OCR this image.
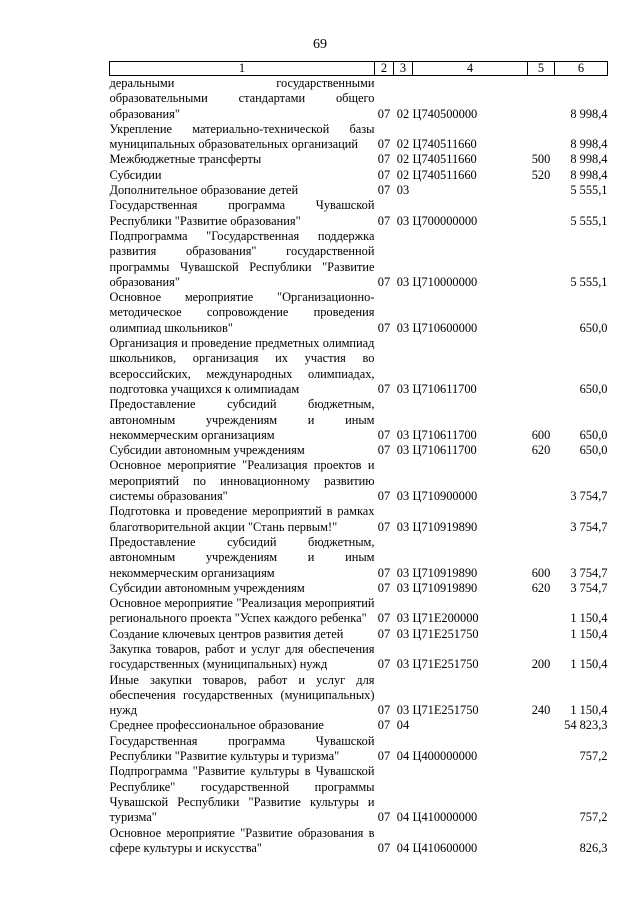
69
1	2	3	4	5	6
деральными государственными образовательными стандартами общего образования"	07	02	Ц740500000		8 998,4
Укрепление материально-технической базы муниципальных образовательных организаций	07	02	Ц740511660		8 998,4
Межбюджетные трансферты	07	02	Ц740511660	500	8 998,4
Субсидии	07	02	Ц740511660	520	8 998,4
Дополнительное образование детей	07	03			5 555,1
Государственная программа Чувашской Республики "Развитие образования"	07	03	Ц700000000		5 555,1
Подпрограмма "Государственная поддержка развития образования" государственной программы Чувашской Республики "Развитие образования"	07	03	Ц710000000		5 555,1
Основное мероприятие "Организационно-методическое сопровождение проведения олимпиад школьников"	07	03	Ц710600000		650,0
Организация и проведение предметных олимпиад школьников, организация их участия во всероссийских, международных олимпиадах, подготовка учащихся к олимпиадам	07	03	Ц710611700		650,0
Предоставление субсидий бюджетным, автономным учреждениям и иным некоммерческим организациям	07	03	Ц710611700	600	650,0
Субсидии автономным учреждениям	07	03	Ц710611700	620	650,0
Основное мероприятие "Реализация проектов и мероприятий по инновационному развитию системы образования"	07	03	Ц710900000		3 754,7
Подготовка и проведение мероприятий в рамках благотворительной акции "Стань первым!"	07	03	Ц710919890		3 754,7
Предоставление субсидий бюджетным, автономным учреждениям и иным некоммерческим организациям	07	03	Ц710919890	600	3 754,7
Субсидии автономным учреждениям	07	03	Ц710919890	620	3 754,7
Основное мероприятие "Реализация мероприятий регионального проекта "Успех каждого ребенка"	07	03	Ц71Е200000		1 150,4
Создание ключевых центров развития детей	07	03	Ц71Е251750		1 150,4
Закупка товаров, работ и услуг для обеспечения государственных (муниципальных) нужд	07	03	Ц71Е251750	200	1 150,4
Иные закупки товаров, работ и услуг для обеспечения государственных (муниципальных) нужд	07	03	Ц71Е251750	240	1 150,4
Среднее профессиональное образование	07	04			54 823,3
Государственная программа Чувашской Республики "Развитие культуры и туризма"	07	04	Ц400000000		757,2
Подпрограмма "Развитие культуры в Чувашской Республике" государственной программы Чувашской Республики "Развитие культуры и туризма"	07	04	Ц410000000		757,2
Основное мероприятие "Развитие образования в сфере культуры и искусства"	07	04	Ц410600000		826,3
